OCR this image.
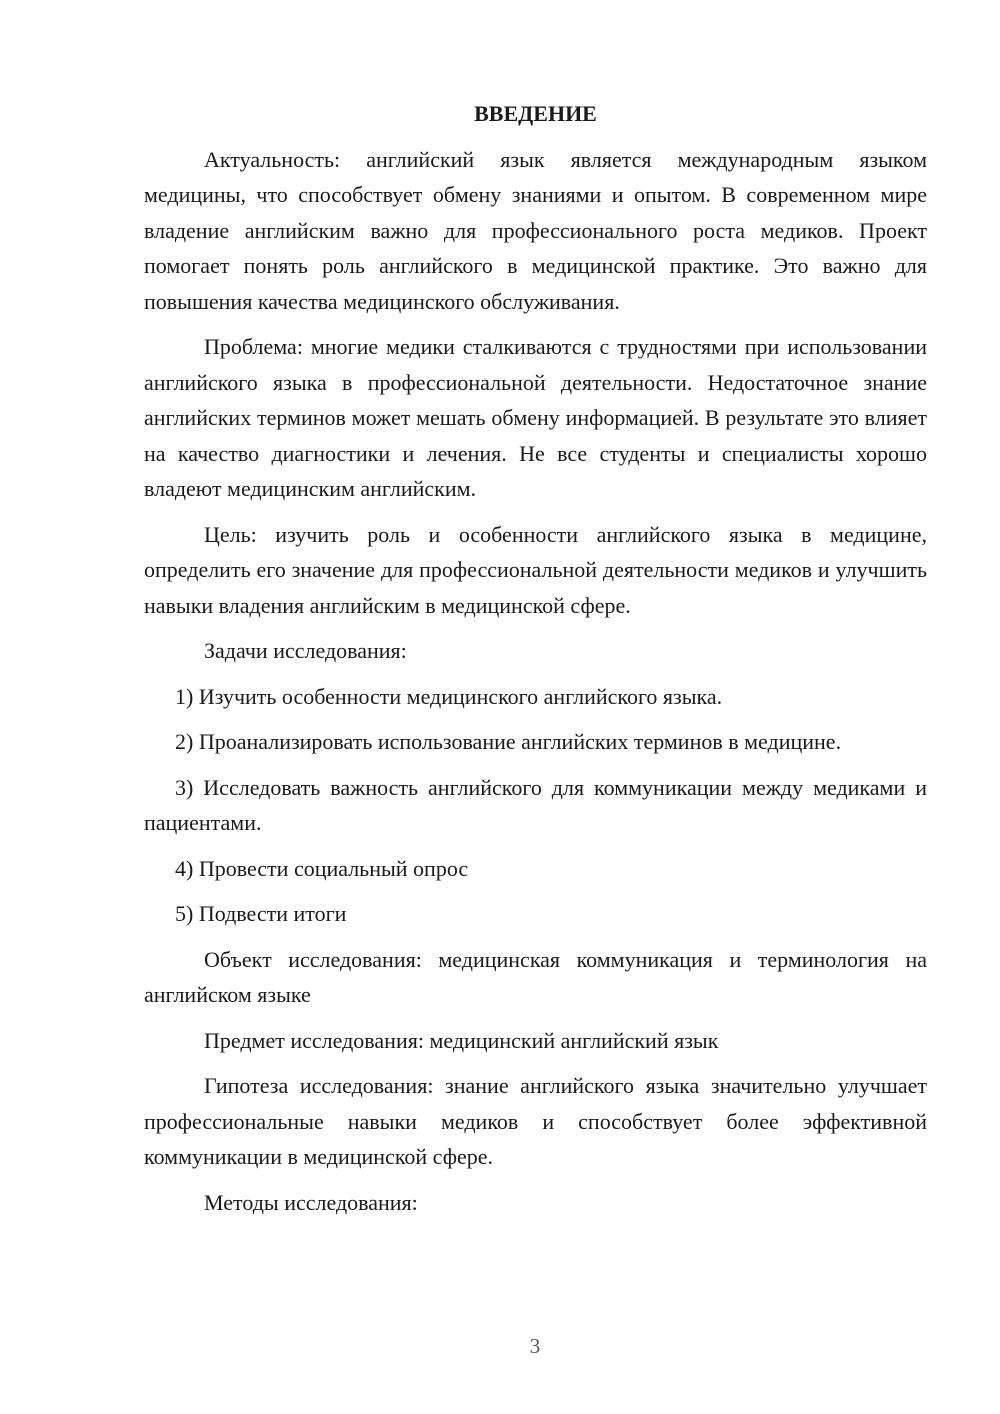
ВВЕДЕНИЕ

Актуальность: английский язык является международным языком медицины, что способствует обмену знаниями и опытом. В современном мире владение английским важно для профессионального роста медиков. Проект помогает понять роль английского в медицинской практике. Это важно для повышения качества медицинского обслуживания.

Проблема: многие медики сталкиваются с трудностями при использовании английского языка в профессиональной деятельности. Недостаточное знание английских терминов может мешать обмену информацией. В результате это влияет на качество диагностики и лечения. Не все студенты и специалисты хорошо владеют медицинским английским.

Цель: изучить роль и особенности английского языка в медицине, определить его значение для профессиональной деятельности медиков и улучшить навыки владения английским в медицинской сфере.

Задачи исследования:

1) Изучить особенности медицинского английского языка.

2) Проанализировать использование английских терминов в медицине.

3) Исследовать важность английского для коммуникации между медиками и пациентами.

4) Провести социальный опрос

5) Подвести итоги

Объект исследования: медицинская коммуникация и терминология на английском языке

Предмет исследования: медицинский английский язык

Гипотеза исследования: знание английского языка значительно улучшает профессиональные навыки медиков и способствует более эффективной коммуникации в медицинской сфере.

Методы исследования:

3
